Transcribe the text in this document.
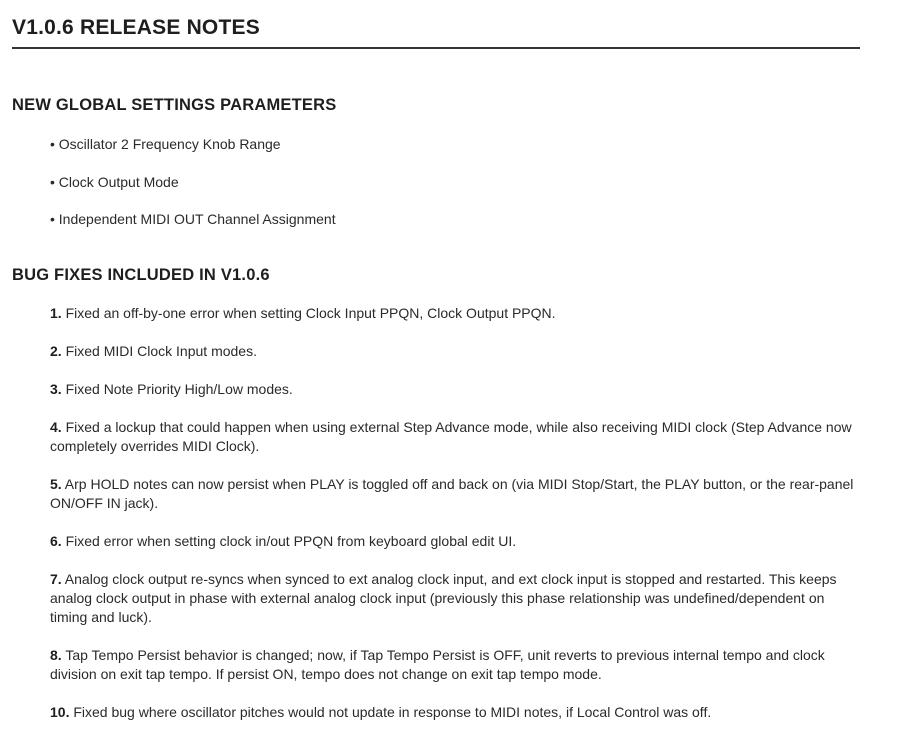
V1.0.6 RELEASE NOTES
NEW GLOBAL SETTINGS PARAMETERS
• Oscillator 2 Frequency Knob Range
• Clock Output Mode
• Independent MIDI OUT Channel Assignment
BUG FIXES INCLUDED IN V1.0.6
1. Fixed an off-by-one error when setting Clock Input PPQN, Clock Output PPQN.
2. Fixed MIDI Clock Input modes.
3. Fixed Note Priority High/Low modes.
4. Fixed a lockup that could happen when using external Step Advance mode, while also receiving MIDI clock (Step Advance now completely overrides MIDI Clock).
5. Arp HOLD notes can now persist when PLAY is toggled off and back on (via MIDI Stop/Start, the PLAY button, or the rear-panel ON/OFF IN jack).
6. Fixed error when setting clock in/out PPQN from keyboard global edit UI.
7. Analog clock output re-syncs when synced to ext analog clock input, and ext clock input is stopped and restarted. This keeps analog clock output in phase with external analog clock input (previously this phase relationship was undefined/dependent on timing and luck).
8. Tap Tempo Persist behavior is changed; now, if Tap Tempo Persist is OFF, unit reverts to previous internal tempo and clock division on exit tap tempo. If persist ON, tempo does not change on exit tap tempo mode.
10. Fixed bug where oscillator pitches would not update in response to MIDI notes, if Local Control was off.
